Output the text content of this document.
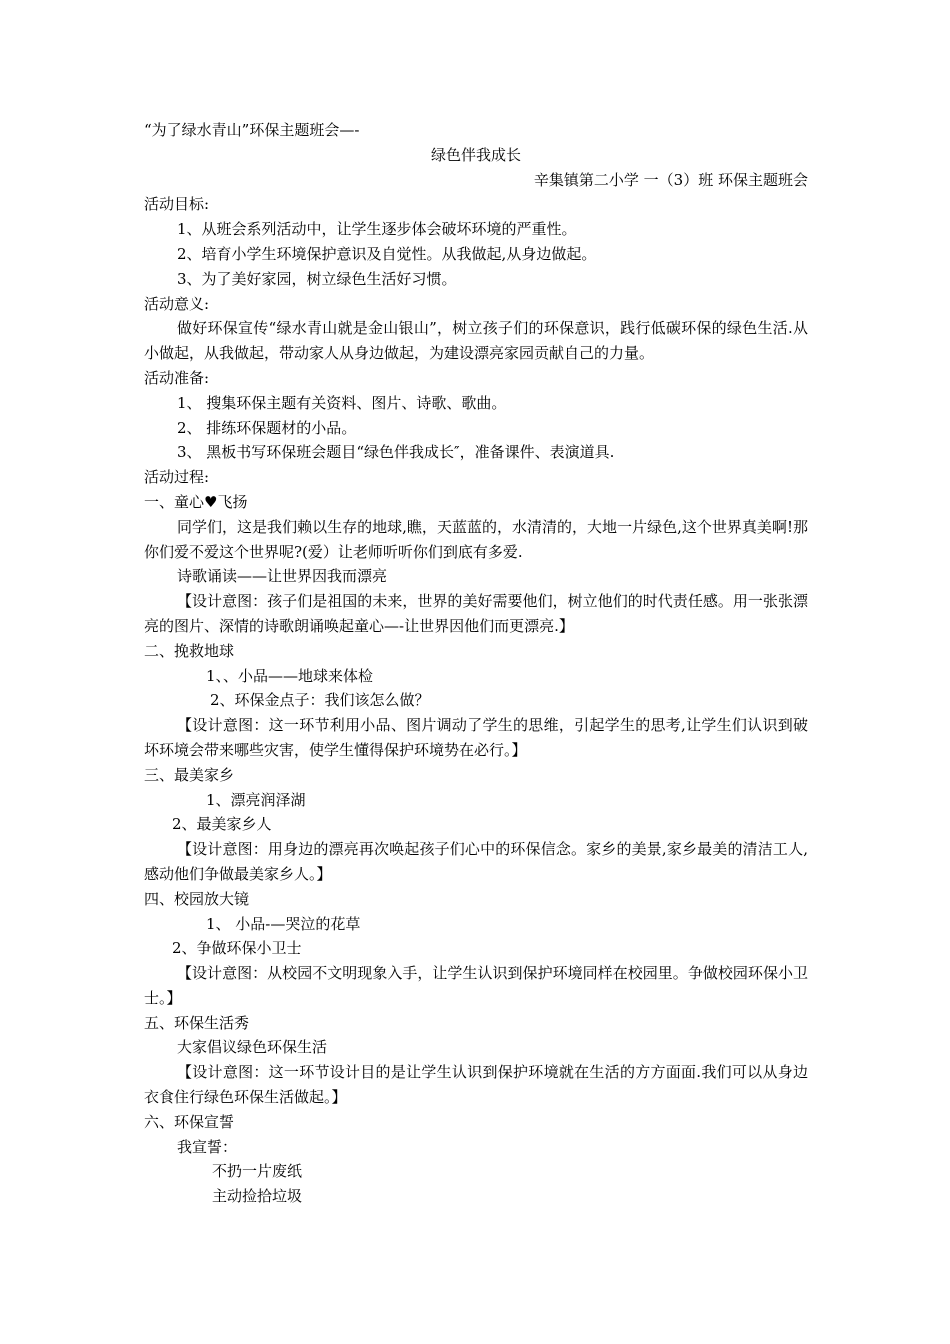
“为了绿水青山”环保主题班会—-
绿色伴我成长
辛集镇第二小学 一（3）班 环保主题班会
活动目标:
1、从班会系列活动中，让学生逐步体会破坏环境的严重性。
2、培育小学生环境保护意识及自觉性。从我做起,从身边做起。
3、为了美好家园，树立绿色生活好习惯。
活动意义:
做好环保宣传“绿水青山就是金山银山”，树立孩子们的环保意识，践行低碳环保的绿色生活.从小做起，从我做起，带动家人从身边做起，为建设漂亮家园贡献自己的力量。
活动准备:
1、 搜集环保主题有关资料、图片、诗歌、歌曲。
2、 排练环保题材的小品。
3、 黑板书写环保班会题目“绿色伴我成长″，准备课件、表演道具.
活动过程:
一、童心♥飞扬
同学们，这是我们赖以生存的地球,瞧，天蓝蓝的，水清清的，大地一片绿色,这个世界真美啊!那你们爱不爱这个世界呢?(爱）让老师听听你们到底有多爱.
诗歌诵读——让世界因我而漂亮
【设计意图：孩子们是祖国的未来，世界的美好需要他们，树立他们的时代责任感。用一张张漂亮的图片、深情的诗歌朗诵唤起童心—-让世界因他们而更漂亮.】
二、挽救地球
1、、小品——地球来体检
2、环保金点子：我们该怎么做？
【设计意图：这一环节利用小品、图片调动了学生的思维，引起学生的思考,让学生们认识到破坏环境会带来哪些灾害，使学生懂得保护环境势在必行。】
三、最美家乡
1、漂亮润泽湖
2、最美家乡人
【设计意图：用身边的漂亮再次唤起孩子们心中的环保信念。家乡的美景,家乡最美的清洁工人,感动他们争做最美家乡人。】
四、校园放大镜
1、 小品-—哭泣的花草
2、争做环保小卫士
【设计意图：从校园不文明现象入手，让学生认识到保护环境同样在校园里。争做校园环保小卫士。】
五、环保生活秀
大家倡议绿色环保生活
【设计意图：这一环节设计目的是让学生认识到保护环境就在生活的方方面面.我们可以从身边衣食住行绿色环保生活做起。】
六、环保宣誓
我宣誓：
不扔一片废纸
主动捡拾垃圾
